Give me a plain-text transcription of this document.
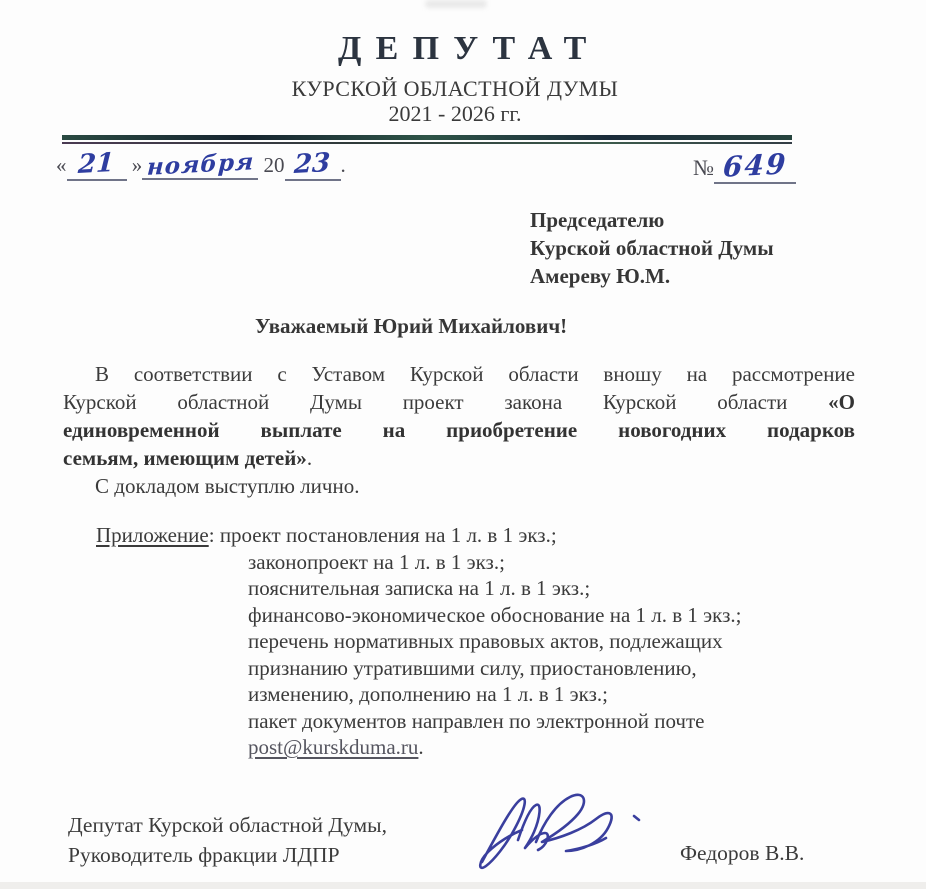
ДЕПУТАТ
КУРСКОЙ ОБЛАСТНОЙ ДУМЫ
2021 - 2026 гг.
« 21 » ноября 20 23 .	№ 649
Председателю
Курской областной Думы
Амереву Ю.М.
Уважаемый Юрий Михайлович!
В соответствии с Уставом Курской области вношу на рассмотрение
Курской областной Думы проект закона Курской области «О
единовременной выплате на приобретение новогодних подарков
семьям, имеющим детей».
С докладом выступлю лично.
Приложение: проект постановления на 1 л. в 1 экз.;
законопроект на 1 л. в 1 экз.;
пояснительная записка на 1 л. в 1 экз.;
финансово-экономическое обоснование на 1 л. в 1 экз.;
перечень нормативных правовых актов, подлежащих
признанию утратившими силу, приостановлению,
изменению, дополнению на 1 л. в 1 экз.;
пакет документов направлен по электронной почте
post@kurskduma.ru.
Депутат Курской областной Думы,
Руководитель фракции ЛДПР	Федоров В.В.
